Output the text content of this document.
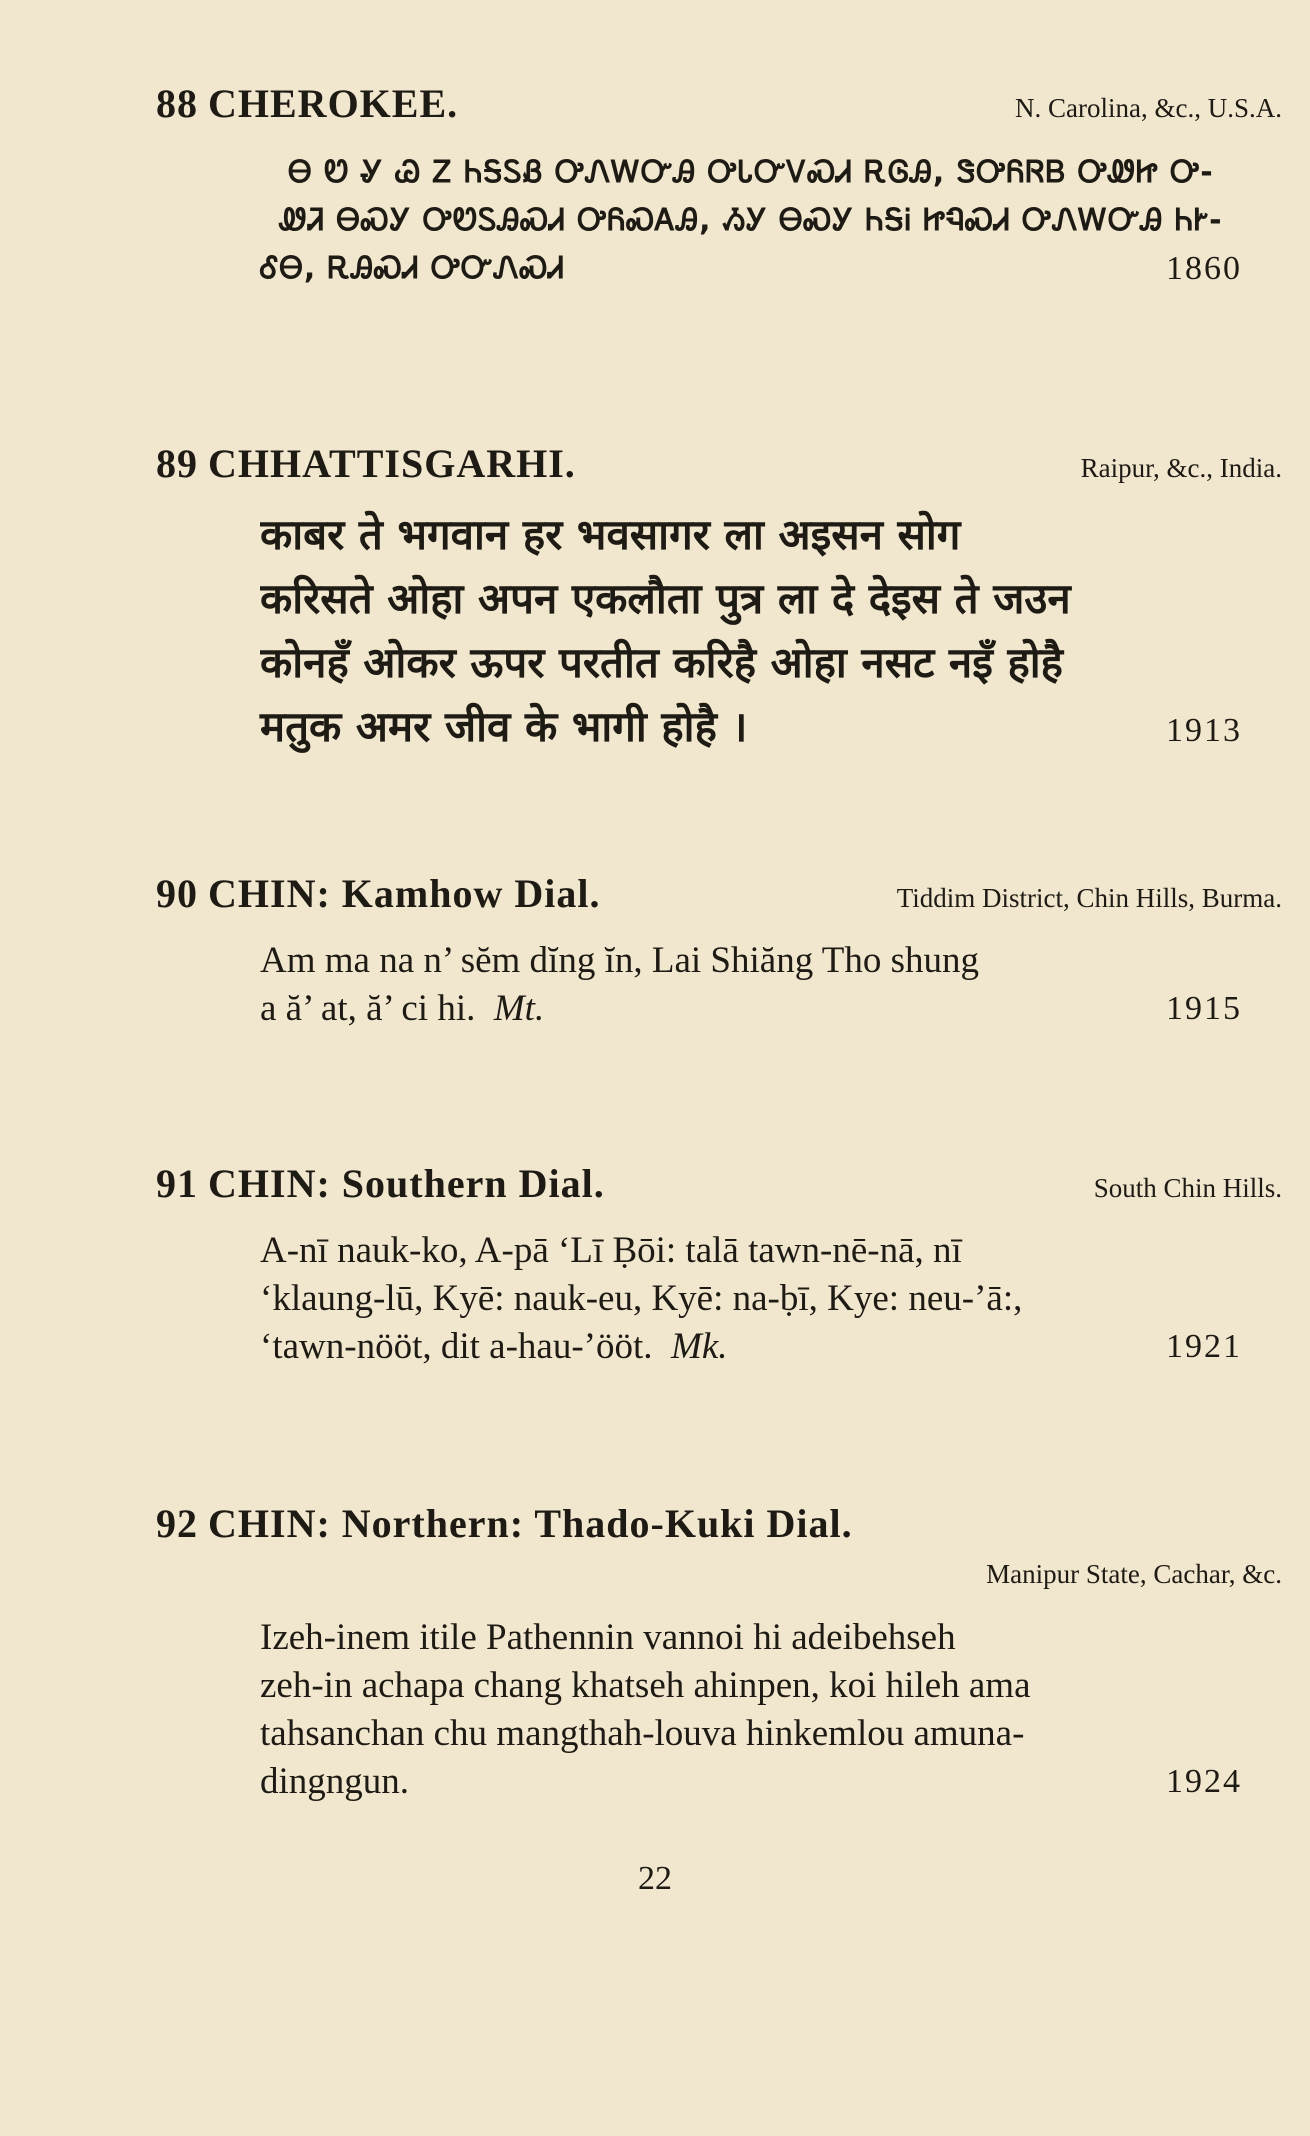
88 CHEROKEE.	N. Carolina, &c., U.S.A.
Ꮎ Ꮼ Ꮍ Ꮚ Ꮓ ᏂᎦᏚᏰ ᎤᏁᎳᏅᎯ ᎤᏓᏅᏙᏍᏗ ᎡᎶᎯ, ᏕᎤᏲᏒᏴ ᎤᏪᏥ Ꭴ-
ᏪᏘ ᎾᏍᎩ ᎤᏬᏚᎯᏍᏗ ᎤᏲᏍᎪᎯ, ᏱᎩ ᎾᏍᎩ ᏂᎦᎥ ᏥᏄᏍᏗ ᎤᏁᎳᏅᎯ ᏂᎨ-
ᎴᎾ, ᎡᎯᏍᏗ ᎤᏅᏁᏍᏗ	1860
89 CHHATTISGARHI.	Raipur, &c., India.
काबर ते भगवान हर भवसागर ला अइसन सोग
करिसते ओहा अपन एकलौता पुत्र ला दे देइस ते जउन
कोनहँ ओकर ऊपर परतीत करिहै ओहा नसट नइँ होहै
मतुक अमर जीव के भागी होहै ।	1913
90 CHIN: Kamhow Dial.	Tiddim District, Chin Hills, Burma.
Am ma na n’ sĕm dĭng ĭn, Lai Shiăng Tho shung
a ă’ at, ă’ ci hi. Mt.	1915
91 CHIN: Southern Dial.	South Chin Hills.
A-nī nauk-ko, A-pā ‘Lī Ḅōi: talā tawn-nē-nā, nī
‘klaung-lū, Kyē: nauk-eu, Kyē: na-ḅī, Kye: neu-’ā:,
‘tawn-nööt, dit a-hau-’ööt. Mk.	1921
92 CHIN: Northern: Thado-Kuki Dial.
Manipur State, Cachar, &c.
Izeh-inem itile Pathennin vannoi hi adeibehseh
zeh-in achapa chang khatseh ahinpen, koi hileh ama
tahsanchan chu mangthah-louva hinkemlou amuna-
dingngun.	1924
22
